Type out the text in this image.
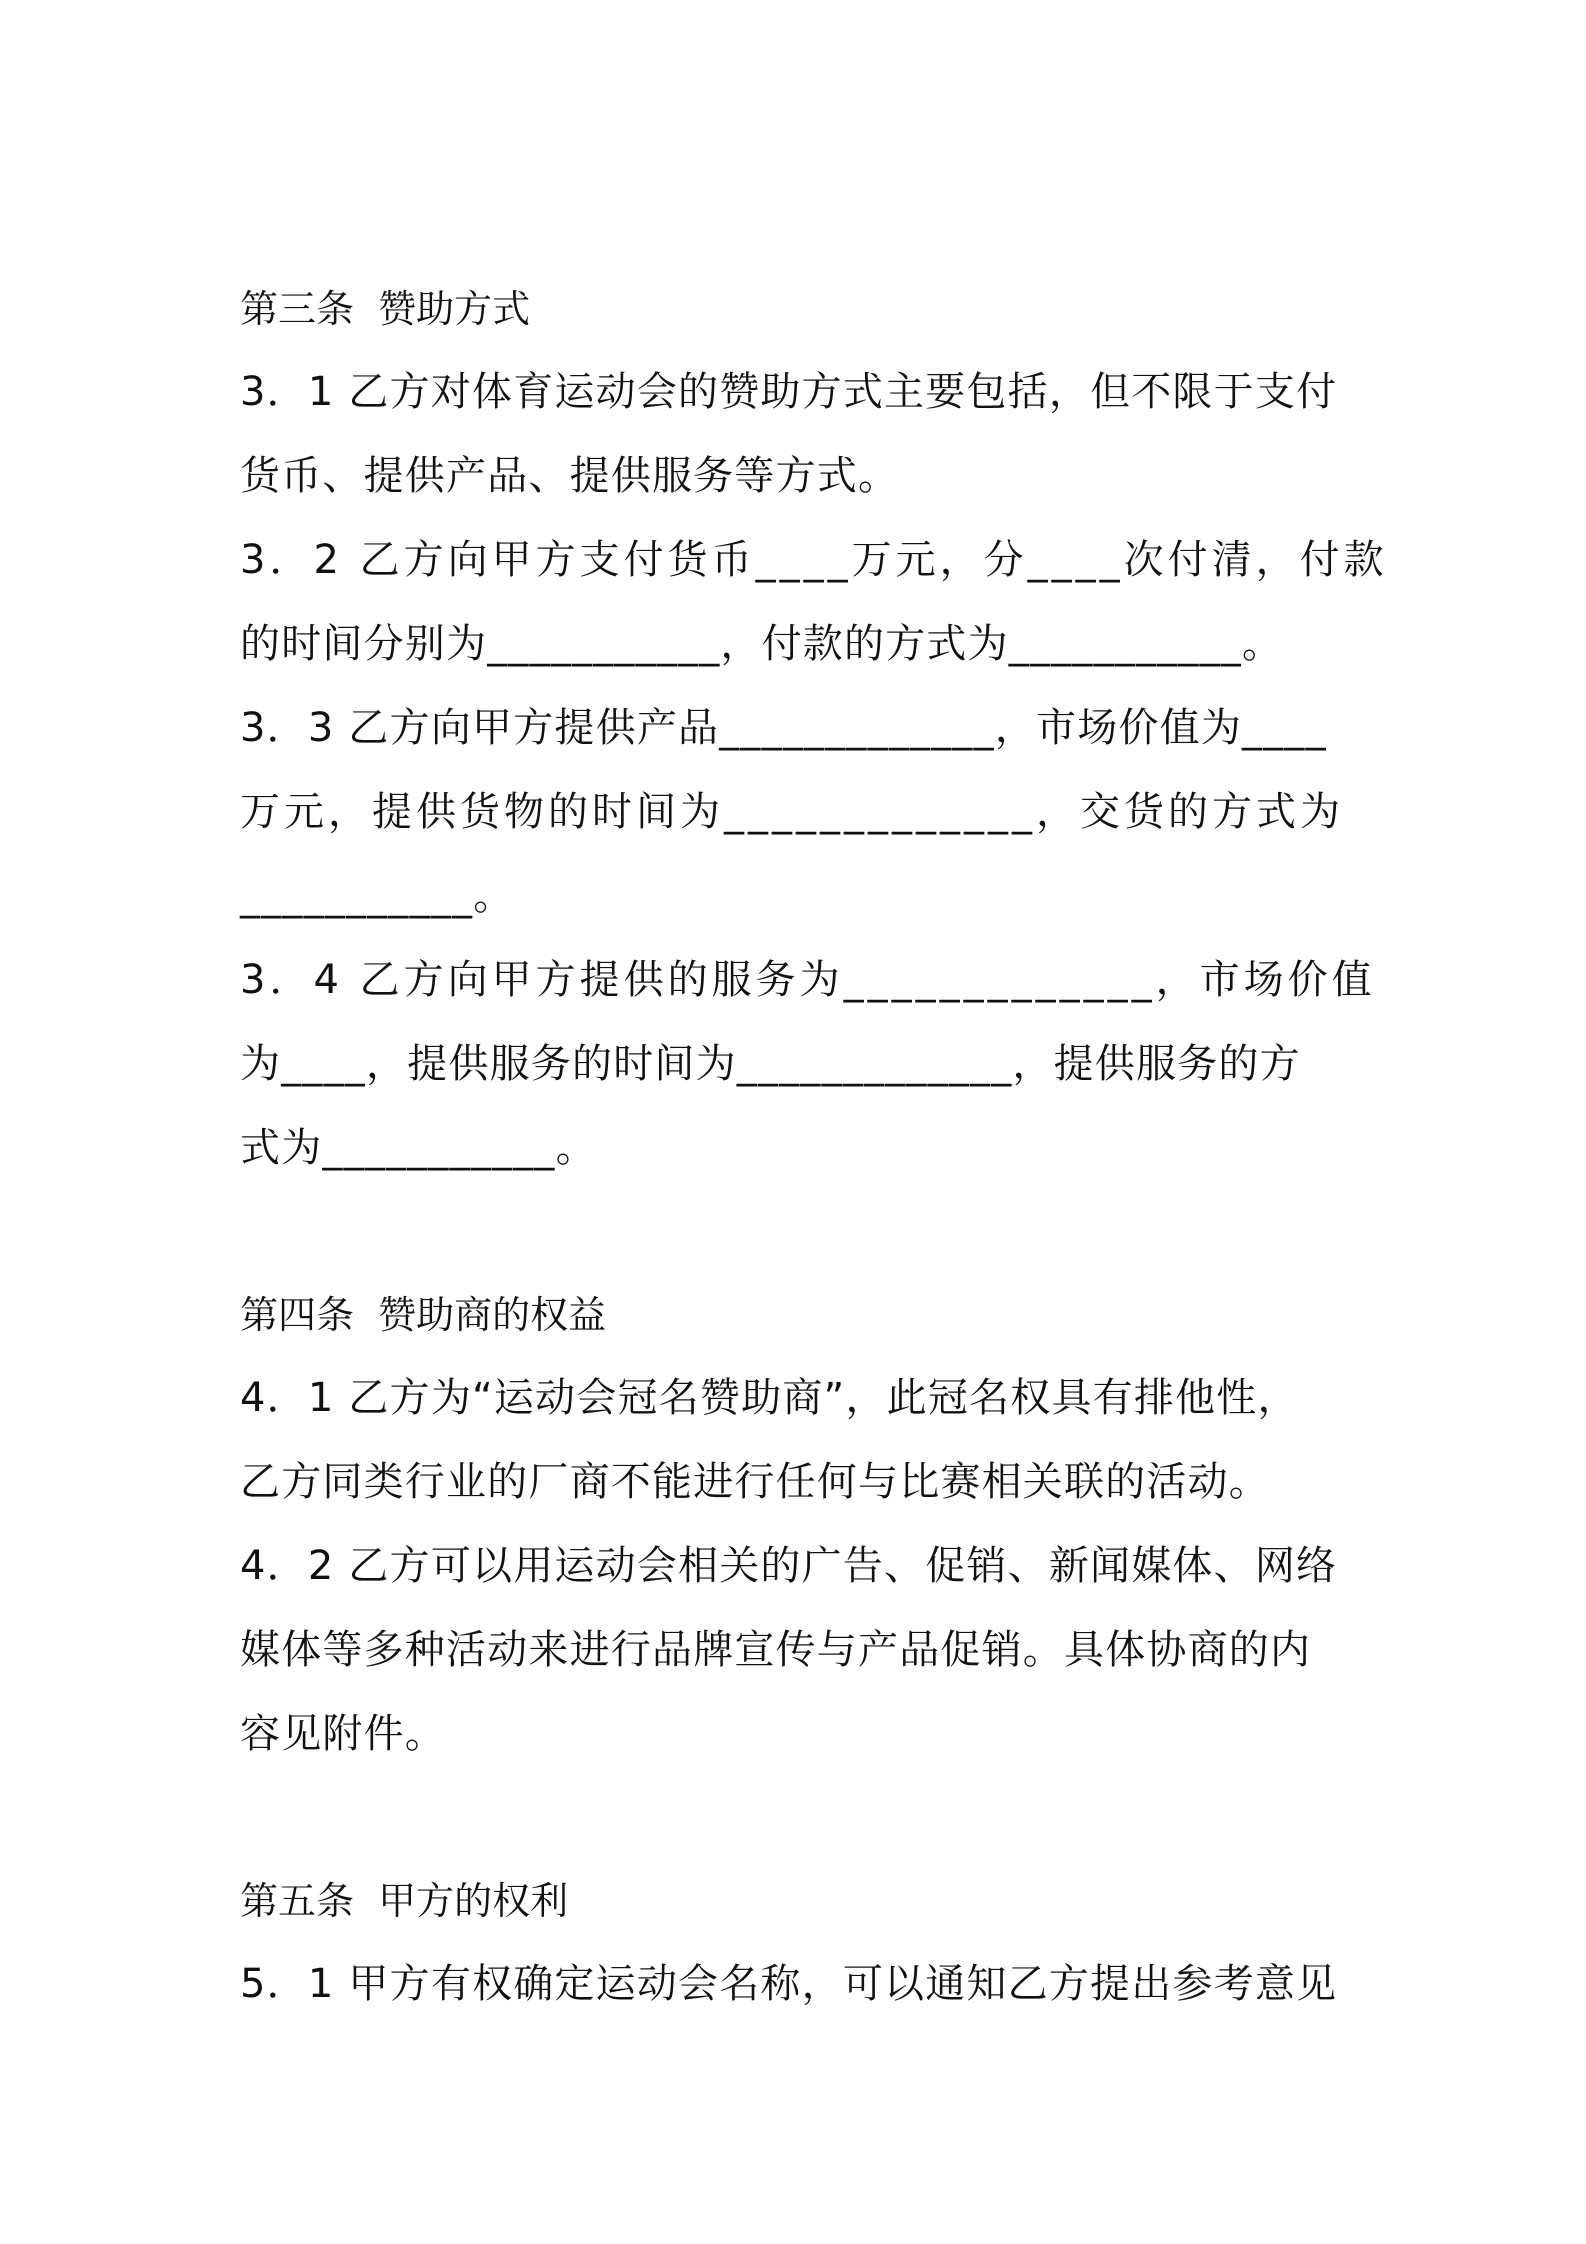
第三条  赞助方式
3．1 乙方对体育运动会的赞助方式主要包括，但不限于支付
货币、提供产品、提供服务等方式。
3．2 乙方向甲方支付货币____万元，分____次付清，付款
的时间分别为___________，付款的方式为___________。
3．3 乙方向甲方提供产品_____________，市场价值为____
万元，提供货物的时间为_____________，交货的方式为
___________。
3．4 乙方向甲方提供的服务为_____________，市场价值
为____，提供服务的时间为_____________，提供服务的方
式为___________。
第四条  赞助商的权益
4．1 乙方为“运动会冠名赞助商”，此冠名权具有排他性，
乙方同类行业的厂商不能进行任何与比赛相关联的活动。
4．2 乙方可以用运动会相关的广告、促销、新闻媒体、网络
媒体等多种活动来进行品牌宣传与产品促销。具体协商的内
容见附件。
第五条  甲方的权利
5．1 甲方有权确定运动会名称，可以通知乙方提出参考意见
